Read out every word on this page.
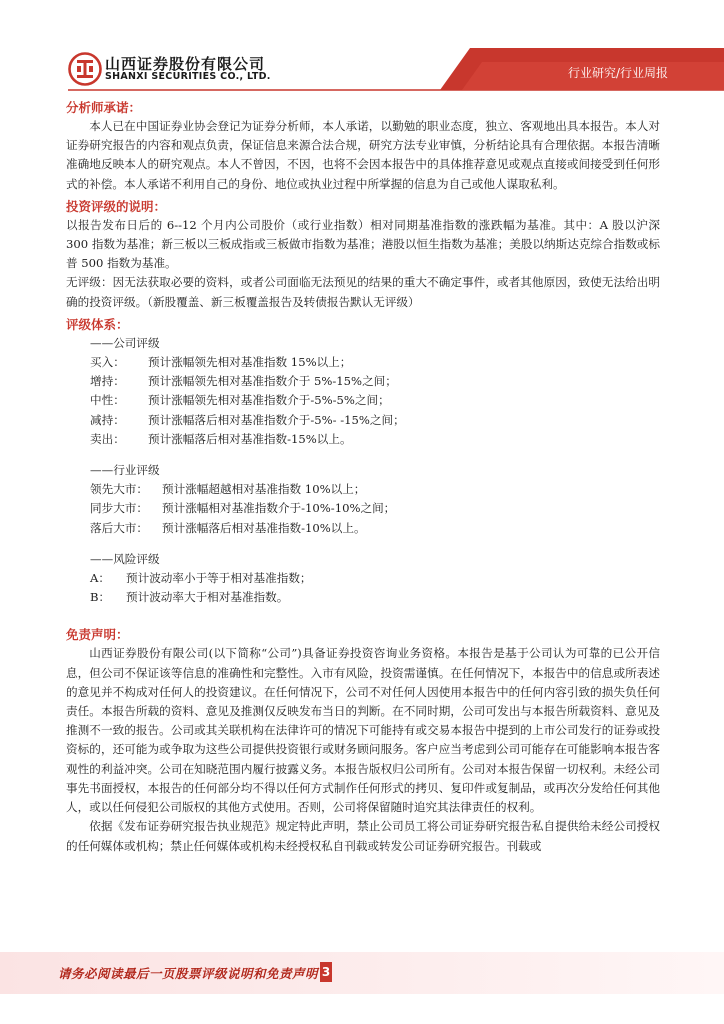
山西证券股份有限公司
SHANXI SECURITIES CO., LTD.	行业研究/行业周报
分析师承诺：
本人已在中国证券业协会登记为证券分析师，本人承诺，以勤勉的职业态度，独立、客观地出具本报告。本人对证券研究报告的内容和观点负责，保证信息来源合法合规，研究方法专业审慎，分析结论具有合理依据。本报告清晰准确地反映本人的研究观点。本人不曾因，不因，也将不会因本报告中的具体推荐意见或观点直接或间接受到任何形式的补偿。本人承诺不利用自己的身份、地位或执业过程中所掌握的信息为自己或他人谋取私利。
投资评级的说明：
以报告发布日后的 6--12 个月内公司股价（或行业指数）相对同期基准指数的涨跌幅为基准。其中：A 股以沪深 300 指数为基准；新三板以三板成指或三板做市指数为基准；港股以恒生指数为基准；美股以纳斯达克综合指数或标普 500 指数为基准。
无评级：因无法获取必要的资料，或者公司面临无法预见的结果的重大不确定事件，或者其他原因，致使无法给出明确的投资评级。（新股覆盖、新三板覆盖报告及转债报告默认无评级）
评级体系：
——公司评级
买入：	预计涨幅领先相对基准指数 15%以上；
增持：	预计涨幅领先相对基准指数介于 5%-15%之间；
中性：	预计涨幅领先相对基准指数介于-5%-5%之间；
减持：	预计涨幅落后相对基准指数介于-5%- -15%之间；
卖出：	预计涨幅落后相对基准指数-15%以上。
——行业评级
领先大市：	预计涨幅超越相对基准指数 10%以上；
同步大市：	预计涨幅相对基准指数介于-10%-10%之间；
落后大市：	预计涨幅落后相对基准指数-10%以上。
——风险评级
A：	预计波动率小于等于相对基准指数；
B：	预计波动率大于相对基准指数。
免责声明：
山西证券股份有限公司(以下简称“公司”)具备证券投资咨询业务资格。本报告是基于公司认为可靠的已公开信息，但公司不保证该等信息的准确性和完整性。入市有风险，投资需谨慎。在任何情况下，本报告中的信息或所表述的意见并不构成对任何人的投资建议。在任何情况下，公司不对任何人因使用本报告中的任何内容引致的损失负任何责任。本报告所载的资料、意见及推测仅反映发布当日的判断。在不同时期，公司可发出与本报告所载资料、意见及推测不一致的报告。公司或其关联机构在法律许可的情况下可能持有或交易本报告中提到的上市公司发行的证券或投资标的，还可能为或争取为这些公司提供投资银行或财务顾问服务。客户应当考虑到公司可能存在可能影响本报告客观性的利益冲突。公司在知晓范围内履行披露义务。本报告版权归公司所有。公司对本报告保留一切权利。未经公司事先书面授权，本报告的任何部分均不得以任何方式制作任何形式的拷贝、复印件或复制品，或再次分发给任何其他人，或以任何侵犯公司版权的其他方式使用。否则，公司将保留随时追究其法律责任的权利。
依据《发布证券研究报告执业规范》规定特此声明，禁止公司员工将公司证券研究报告私自提供给未经公司授权的任何媒体或机构；禁止任何媒体或机构未经授权私自刊载或转发公司证券研究报告。刊载或
请务必阅读最后一页股票评级说明和免责声明 3
